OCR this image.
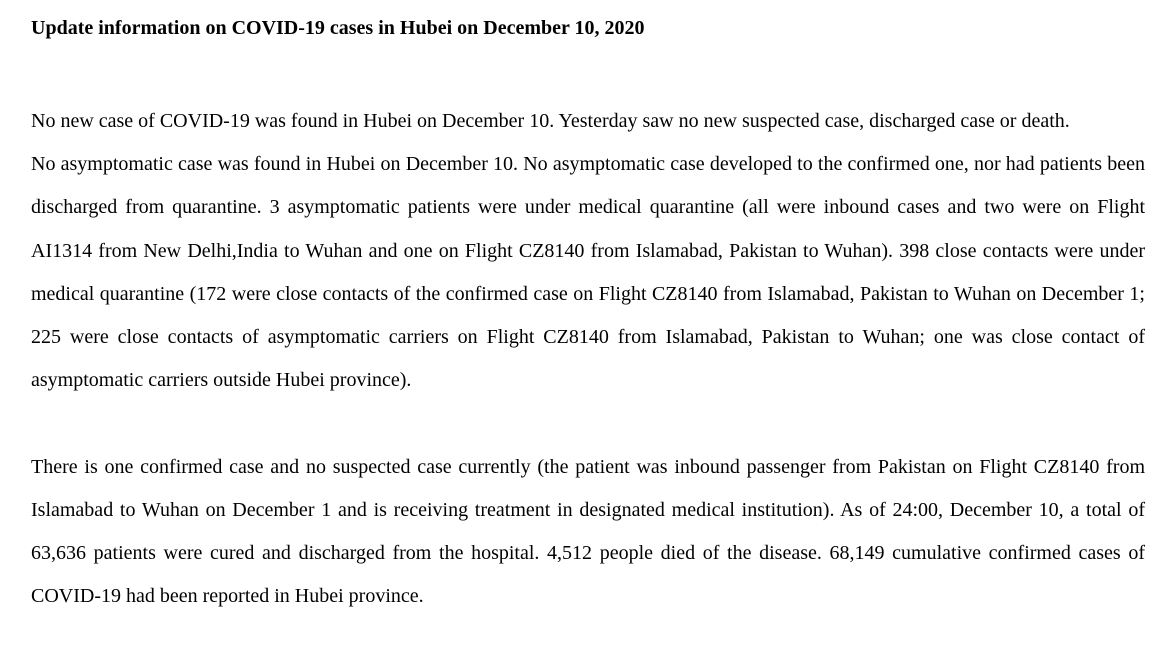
Update information on COVID-19 cases in Hubei on December 10, 2020

No new case of COVID-19 was found in Hubei on December 10. Yesterday saw no new suspected case, discharged case or death.

No asymptomatic case was found in Hubei on December 10. No asymptomatic case developed to the confirmed one, nor had patients been discharged from quarantine. 3 asymptomatic patients were under medical quarantine (all were inbound cases and two were on Flight AI1314 from New Delhi,India to Wuhan and one on Flight CZ8140 from Islamabad, Pakistan to Wuhan). 398 close contacts were under medical quarantine (172 were close contacts of the confirmed case on Flight CZ8140 from Islamabad, Pakistan to Wuhan on December 1; 225 were close contacts of asymptomatic carriers on Flight CZ8140 from Islamabad, Pakistan to Wuhan; one was close contact of asymptomatic carriers outside Hubei province).

There is one confirmed case and no suspected case currently (the patient was inbound passenger from Pakistan on Flight CZ8140 from Islamabad to Wuhan on December 1 and is receiving treatment in designated medical institution). As of 24:00, December 10, a total of 63,636 patients were cured and discharged from the hospital. 4,512 people died of the disease. 68,149 cumulative confirmed cases of COVID-19 had been reported in Hubei province.
